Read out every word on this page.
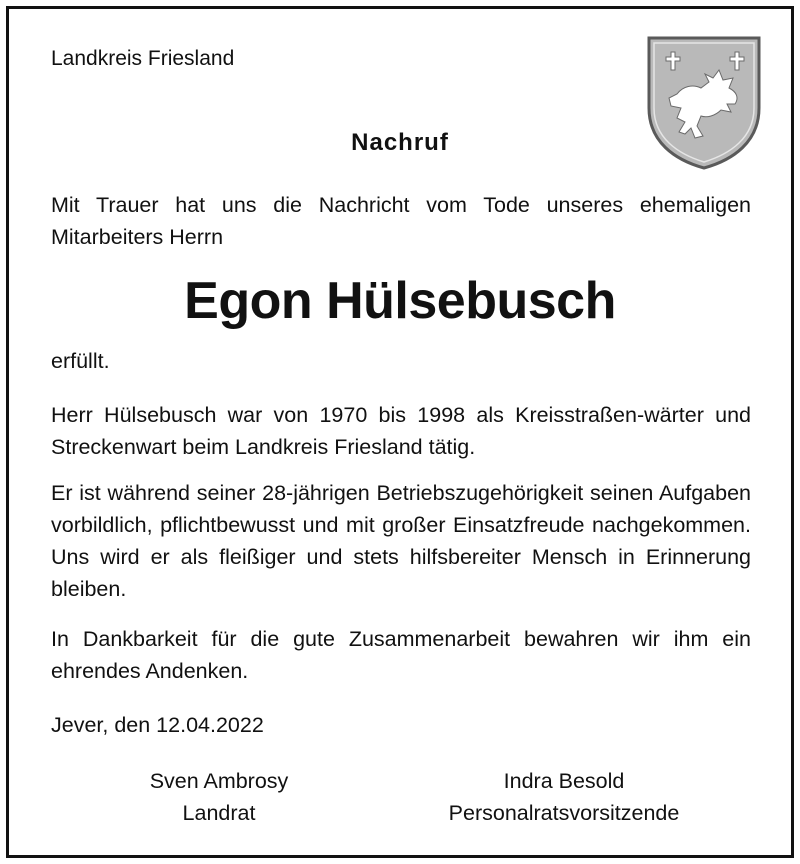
Landkreis Friesland
Nachruf
Mit Trauer hat uns die Nachricht vom Tode unseres ehemaligen Mitarbeiters Herrn
Egon Hülsebusch
erfüllt.
Herr Hülsebusch war von 1970 bis 1998 als Kreisstraßen-wärter und Streckenwart beim Landkreis Friesland tätig.
Er ist während seiner 28-jährigen Betriebszugehörigkeit seinen Aufgaben vorbildlich, pflichtbewusst und mit großer Einsatzfreude nachgekommen. Uns wird er als fleißiger und stets hilfsbereiter Mensch in Erinnerung bleiben.
In Dankbarkeit für die gute Zusammenarbeit bewahren wir ihm ein ehrendes Andenken.
Jever, den 12.04.2022
Sven Ambrosy
Landrat
Indra Besold
Personalratsvorsitzende
